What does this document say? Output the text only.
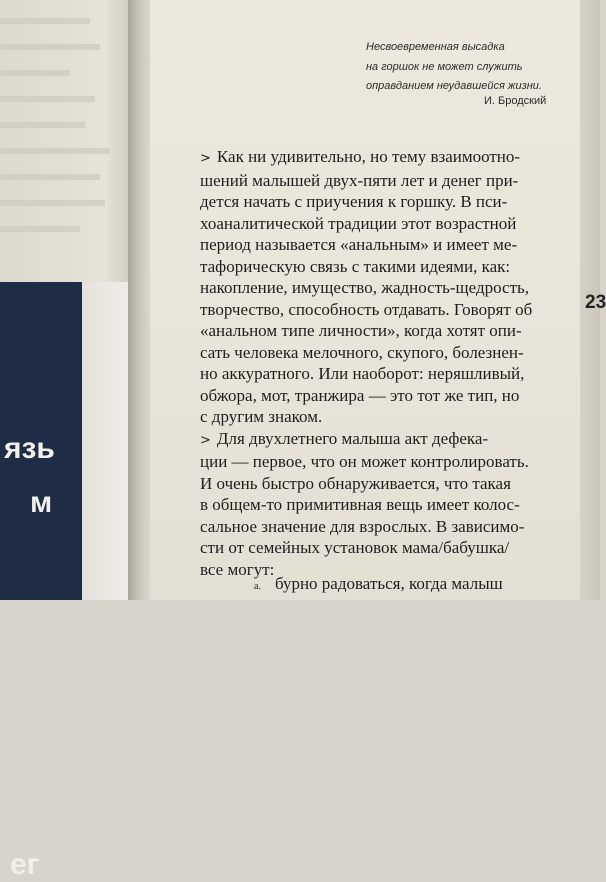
язь
м
ег
23
Несвоевременная высадка
на горшок не может служить
оправданием неудавшейся жизни.
И. Бродский
> Как ни удивительно, но тему взаимоотно-
шений малышей двух-пяти лет и денег при-
дется начать с приучения к горшку. В пси-
хоаналитической традиции этот возрастной
период называется «анальным» и имеет ме-
тафорическую связь с такими идеями, как:
накопление, имущество, жадность-щедрость,
творчество, способность отдавать. Говорят об
«анальном типе личности», когда хотят опи-
сать человека мелочного, скупого, болезнен-
но аккуратного. Или наоборот: неряшливый,
обжора, мот, транжира — это тот же тип, но
с другим знаком.
> Для двухлетнего малыша акт дефека-
ции — первое, что он может контролировать.
И очень быстро обнаруживается, что такая
в общем-то примитивная вещь имеет колос-
сальное значение для взрослых. В зависимо-
сти от семейных установок мама/бабушка/
все могут:
a. бурно радоваться, когда малыш
